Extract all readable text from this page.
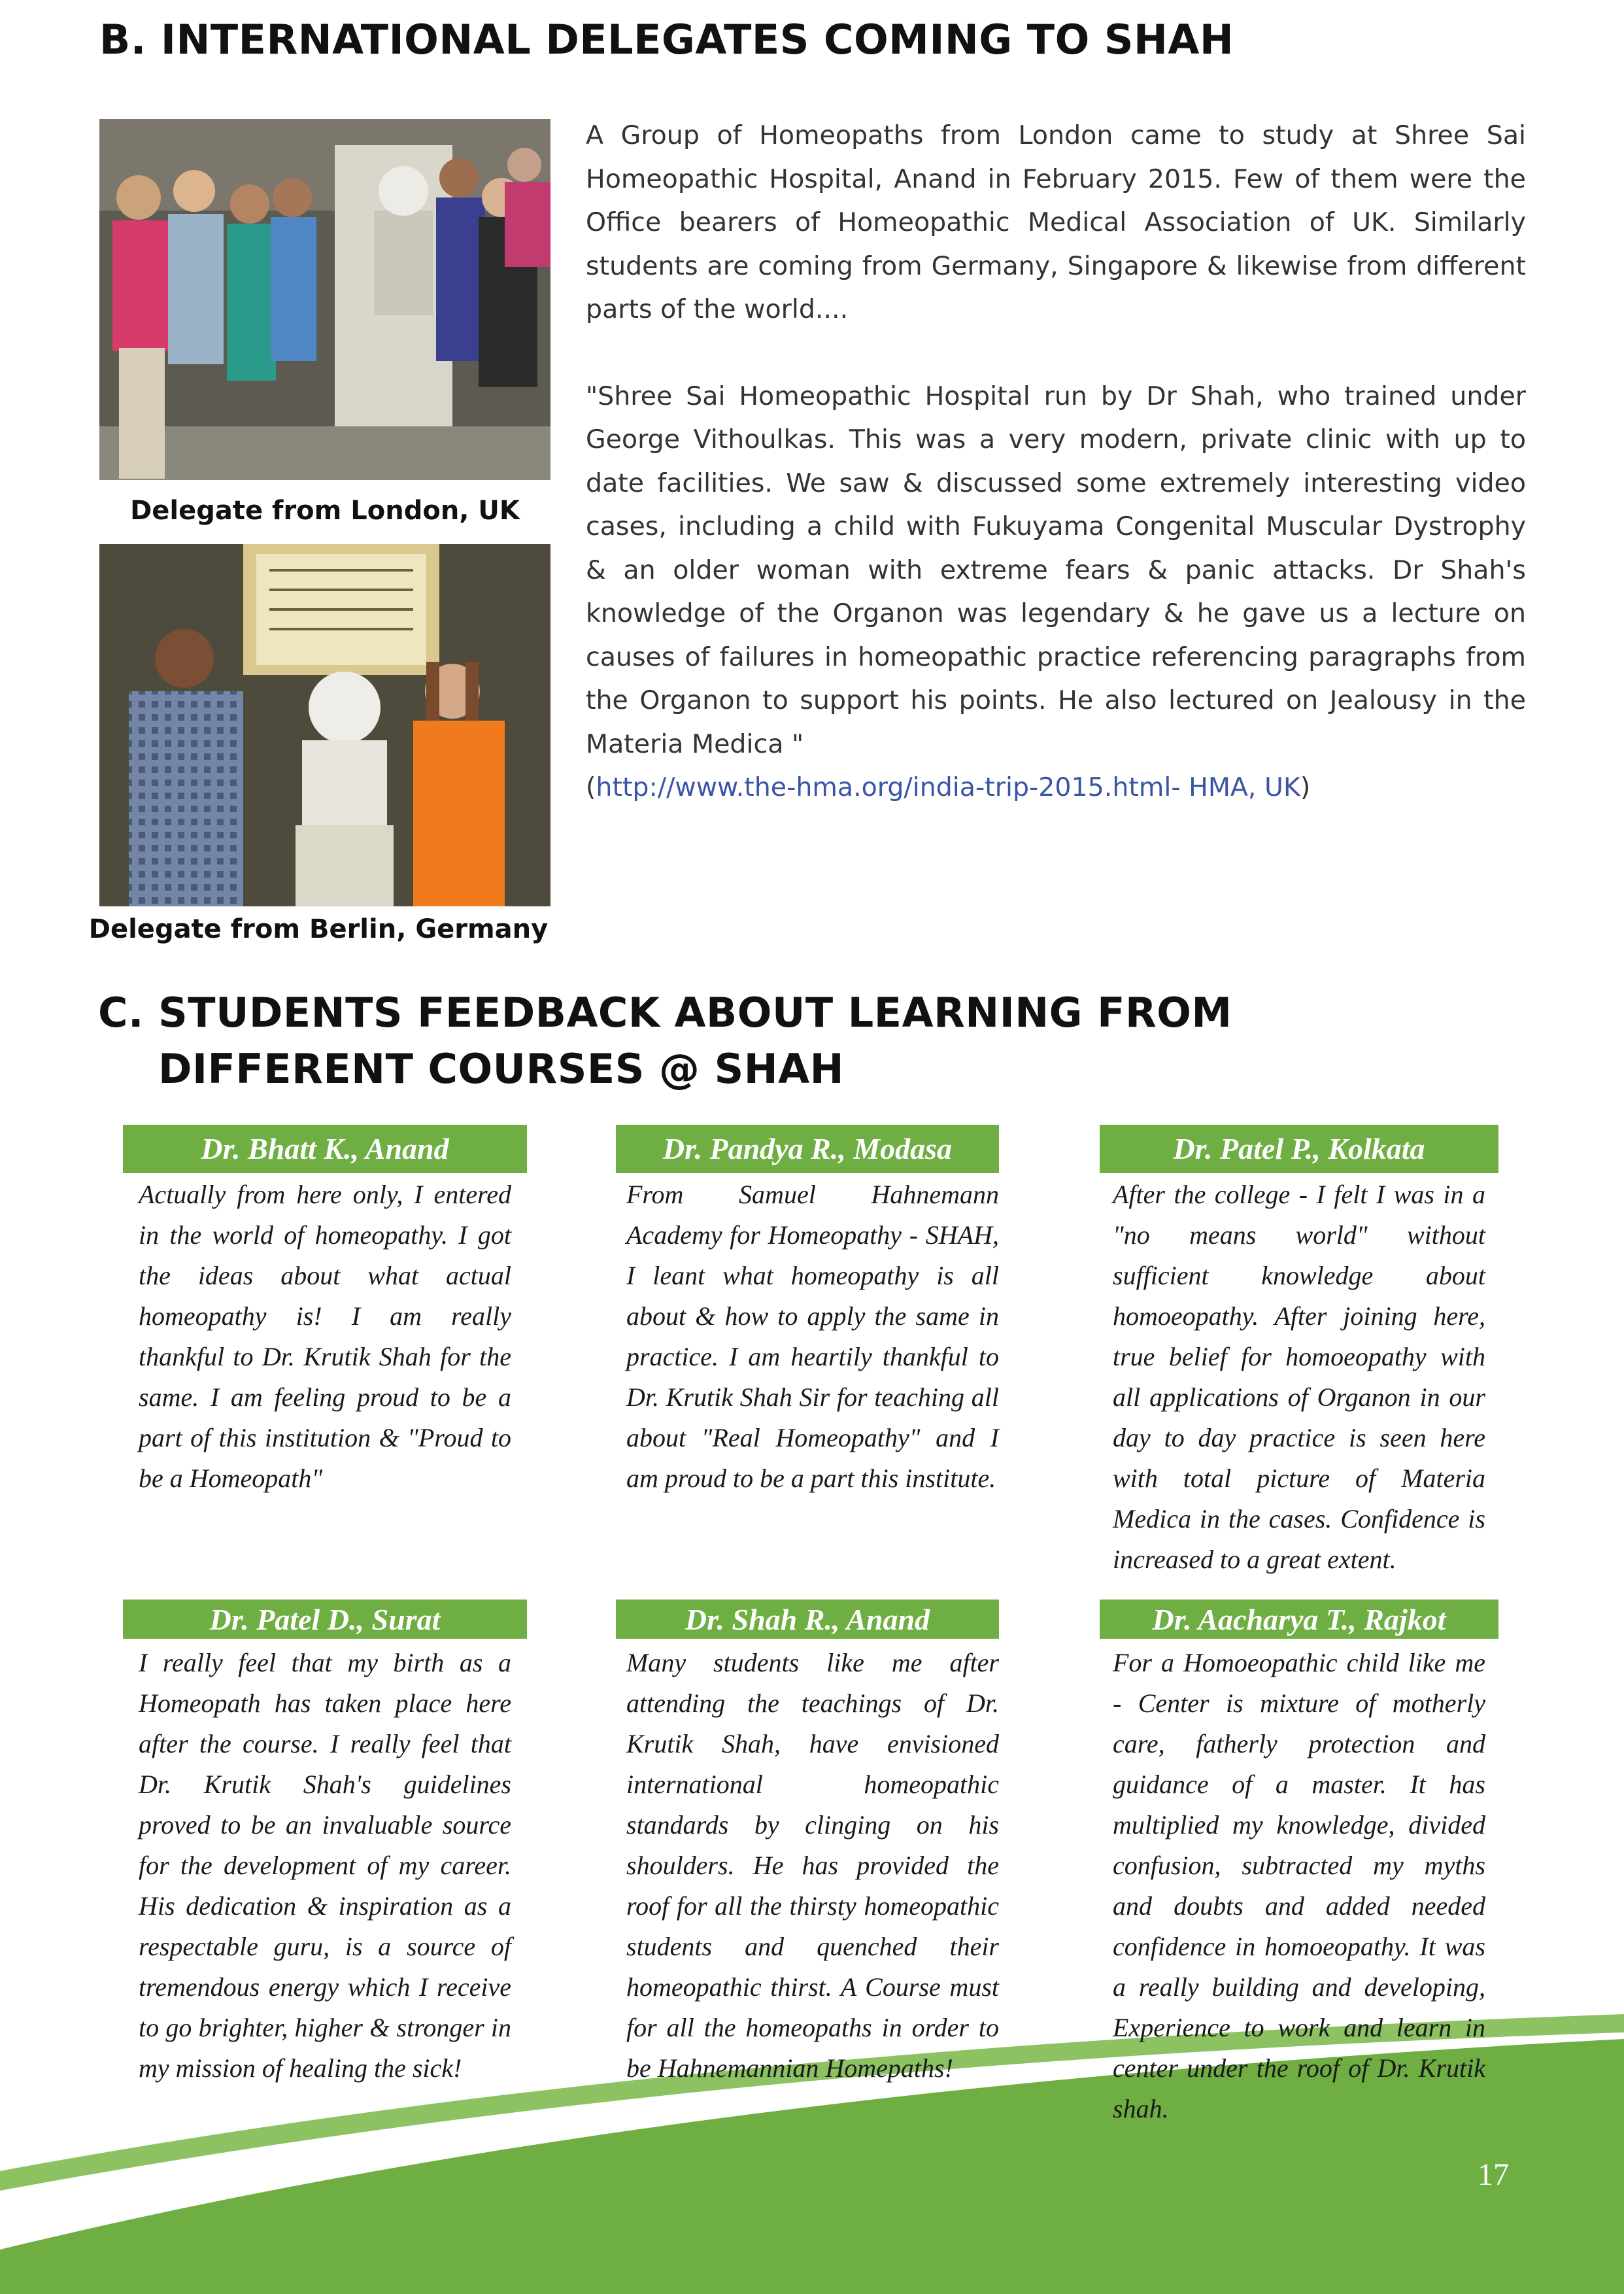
B. INTERNATIONAL DELEGATES COMING TO SHAH
Delegate from London, UK
Delegate from Berlin, Germany

A Group of Homeopaths from London came to study at Shree Sai Homeopathic Hospital, Anand in February 2015. Few of them were the Office bearers of Homeopathic Medical Association of UK. Similarly students are coming from Germany, Singapore & likewise from different parts of the world....

"Shree Sai Homeopathic Hospital run by Dr Shah, who trained under George Vithoulkas. This was a very modern, private clinic with up to date facilities. We saw & discussed some extremely interesting video cases, including a child with Fukuyama Congenital Muscular Dystrophy & an older woman with extreme fears & panic attacks. Dr Shah's knowledge of the Organon was legendary & he gave us a lecture on causes of failures in homeopathic practice referencing paragraphs from the Organon to support his points. He also lectured on Jealousy in the Materia Medica "

(http://www.the-hma.org/india-trip-2015.html- HMA, UK)

C. STUDENTS FEEDBACK ABOUT LEARNING FROM
DIFFERENT COURSES @ SHAH
Dr. Bhatt K., Anand

Actually from here only, I entered in the world of homeopathy. I got the ideas about what actual homeopathy is! I am really thankful to Dr. Krutik Shah for the same. I am feeling proud to be a part of this institution & "Proud to be a Homeopath"

Dr. Pandya R., Modasa

From Samuel Hahnemann Academy for Homeopathy - SHAH, I leant what homeopathy is all about & how to apply the same in practice. I am heartily thankful to Dr. Krutik Shah Sir for teaching all about "Real Homeopathy" and I am proud to be a part this institute.

Dr. Patel P., Kolkata

After the college - I felt I was in a "no means world" without sufficient knowledge about homoeopathy. After joining here, true belief for homoeopathy with all applications of Organon in our day to day practice is seen here with total picture of Materia Medica in the cases. Confidence is increased to a great extent.

Dr. Patel D., Surat

I really feel that my birth as a Homeopath has taken place here after the course. I really feel that Dr. Krutik Shah's guidelines proved to be an invaluable source for the development of my career. His dedication & inspiration as a respectable guru, is a source of tremendous energy which I receive to go brighter, higher & stronger in my mission of healing the sick!

Dr. Shah R., Anand

Many students like me after attending the teachings of Dr. Krutik Shah, have envisioned international homeopathic standards by clinging on his shoulders. He has provided the roof for all the thirsty homeopathic students and quenched their homeopathic thirst. A Course must for all the homeopaths in order to be Hahnemannian Homepaths!

Dr. Aacharya T., Rajkot

For a Homoeopathic child like me - Center is mixture of motherly care, fatherly protection and guidance of a master. It has multiplied my knowledge, divided confusion, subtracted my myths and doubts and added needed confidence in homoeopathy. It was a really building and developing, Experience to work and learn in center under the roof of Dr. Krutik shah.

17
